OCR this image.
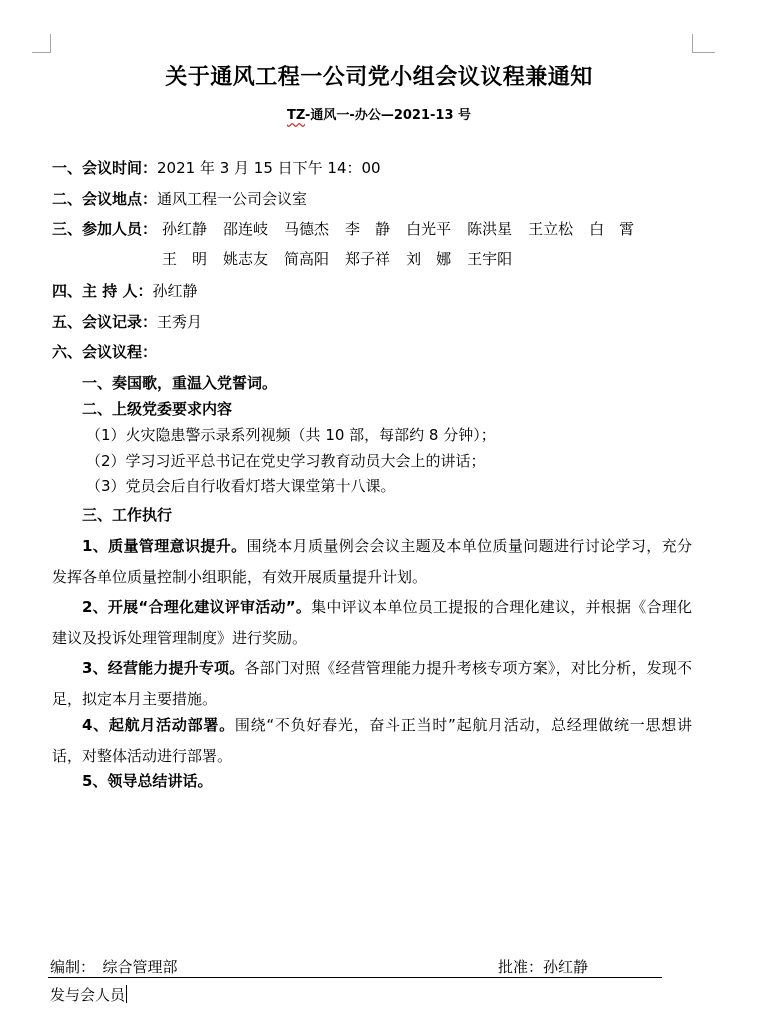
关于通风工程一公司党小组会议议程兼通知
TZ-通风一-办公—2021-13 号
一、会议时间：2021 年 3 月 15 日下午 14：00
二、会议地点：通风工程一公司会议室
三、参加人员： 孙红静 邵连岐 马德杰 李　静 白光平 陈洪星 王立松 白　霄
王　明 姚志友 简高阳 郑子祥 刘　娜 王宇阳
四、主 持 人：孙红静
五、会议记录：王秀月
六、会议议程：
一、奏国歌，重温入党誓词。
二、上级党委要求内容
（1）火灾隐患警示录系列视频（共 10 部，每部约 8 分钟）；
（2）学习习近平总书记在党史学习教育动员大会上的讲话；
（3）党员会后自行收看灯塔大课堂第十八课。
三、工作执行
1、质量管理意识提升。围绕本月质量例会会议主题及本单位质量问题进行讨论学习，充分发挥各单位质量控制小组职能，有效开展质量提升计划。
2、开展“合理化建议评审活动”。集中评议本单位员工提报的合理化建议，并根据《合理化建议及投诉处理管理制度》进行奖励。
3、经营能力提升专项。各部门对照《经营管理能力提升考核专项方案》，对比分析，发现不足，拟定本月主要措施。
4、起航月活动部署。围绕“不负好春光，奋斗正当时”起航月活动，总经理做统一思想讲话，对整体活动进行部署。
5、领导总结讲话。
编制：　综合管理部	批准：孙红静
发与会人员
